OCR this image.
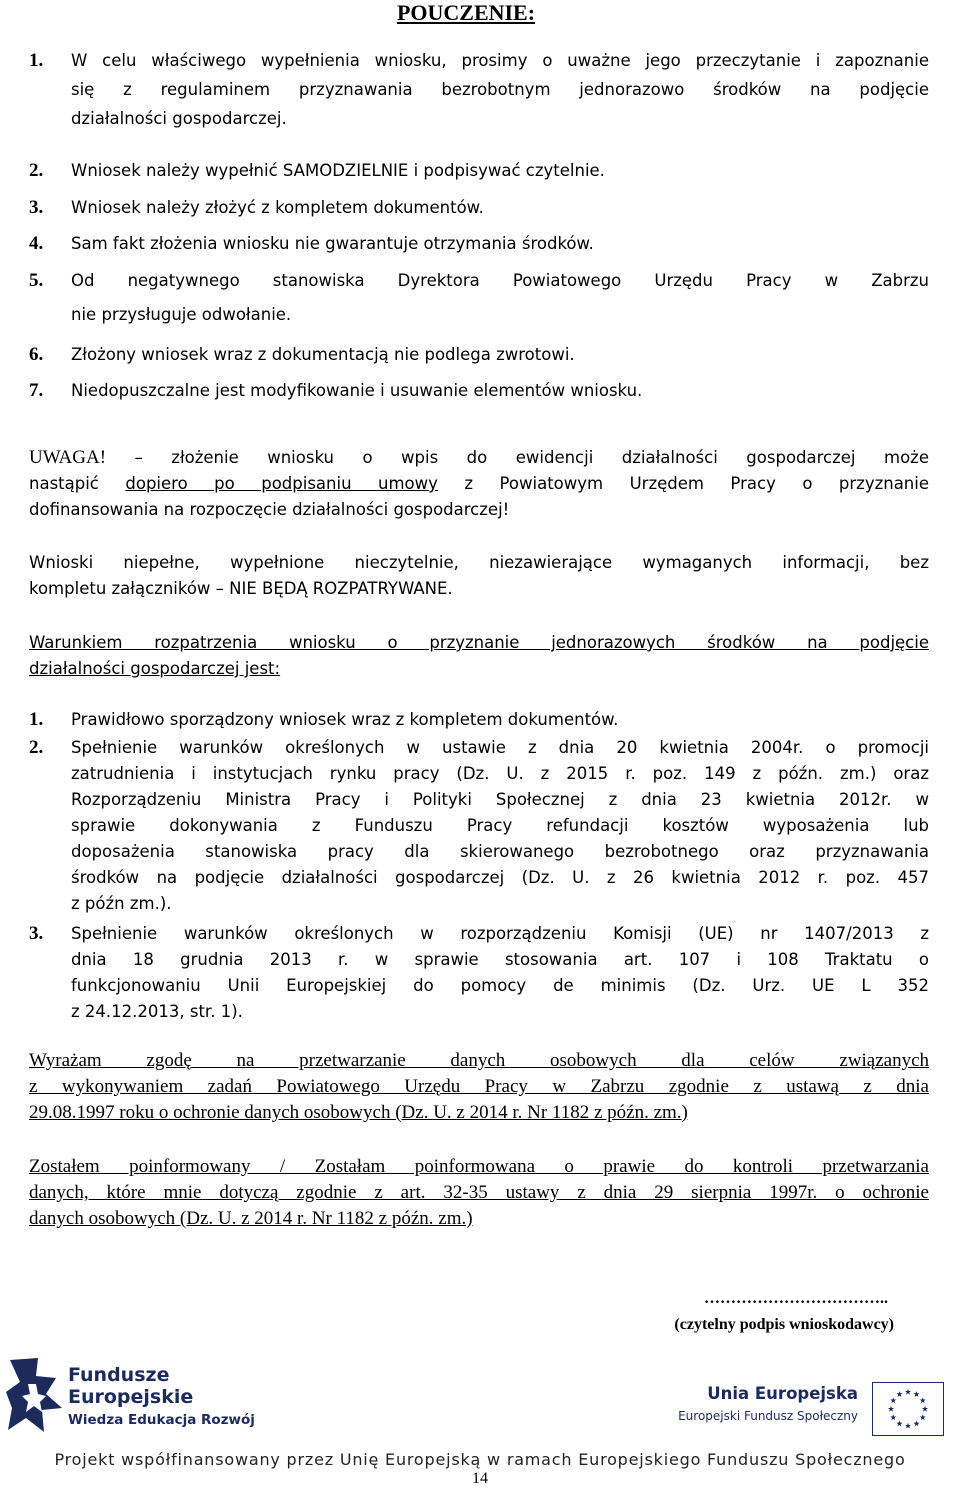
POUCZENIE:
1. W celu właściwego wypełnienia wniosku, prosimy o uważne jego przeczytanie i zapoznanie
się z regulaminem przyznawania bezrobotnym jednorazowo środków na podjęcie
działalności gospodarczej.
2. Wniosek należy wypełnić SAMODZIELNIE i podpisywać czytelnie.
3. Wniosek należy złożyć z kompletem dokumentów.
4. Sam fakt złożenia wniosku nie gwarantuje otrzymania środków.
5. Od negatywnego stanowiska Dyrektora Powiatowego Urzędu Pracy w Zabrzu
nie przysługuje odwołanie.
6. Złożony wniosek wraz z dokumentacją nie podlega zwrotowi.
7. Niedopuszczalne jest modyfikowanie i usuwanie elementów wniosku.
UWAGA! – złożenie wniosku o wpis do ewidencji działalności gospodarczej może
nastąpić dopiero po podpisaniu umowy z Powiatowym Urzędem Pracy o przyznanie
dofinansowania na rozpoczęcie działalności gospodarczej!
Wnioski niepełne, wypełnione nieczytelnie, niezawierające wymaganych informacji, bez
kompletu załączników – NIE BĘDĄ ROZPATRYWANE.
Warunkiem rozpatrzenia wniosku o przyznanie jednorazowych środków na podjęcie
działalności gospodarczej jest:
1. Prawidłowo sporządzony wniosek wraz z kompletem dokumentów.
2. Spełnienie warunków określonych w ustawie z dnia 20 kwietnia 2004r. o promocji
zatrudnienia i instytucjach rynku pracy (Dz. U. z 2015 r. poz. 149 z późn. zm.) oraz
Rozporządzeniu Ministra Pracy i Polityki Społecznej z dnia 23 kwietnia 2012r. w
sprawie dokonywania z Funduszu Pracy refundacji kosztów wyposażenia lub
doposażenia stanowiska pracy dla skierowanego bezrobotnego oraz przyznawania
środków na podjęcie działalności gospodarczej (Dz. U. z 26 kwietnia 2012 r. poz. 457
z późn zm.).
3. Spełnienie warunków określonych w rozporządzeniu Komisji (UE) nr 1407/2013 z
dnia 18 grudnia 2013 r. w sprawie stosowania art. 107 i 108 Traktatu o
funkcjonowaniu Unii Europejskiej do pomocy de minimis (Dz. Urz. UE L 352
z 24.12.2013, str. 1).
Wyrażam zgodę na przetwarzanie danych osobowych dla celów związanych
z wykonywaniem zadań Powiatowego Urzędu Pracy w Zabrzu zgodnie z ustawą z dnia
29.08.1997 roku o ochronie danych osobowych (Dz. U. z 2014 r. Nr 1182 z późn. zm.)
Zostałem poinformowany / Zostałam poinformowana o prawie do kontroli przetwarzania
danych, które mnie dotyczą zgodnie z art. 32-35 ustawy z dnia 29 sierpnia 1997r. o ochronie
danych osobowych (Dz. U. z 2014 r. Nr 1182 z późn. zm.)
……………………………..
(czytelny podpis wnioskodawcy)
Fundusze
Europejskie
Wiedza Edukacja Rozwój
Unia Europejska
Europejski Fundusz Społeczny
Projekt współfinansowany przez Unię Europejską w ramach Europejskiego Funduszu Społecznego
14
